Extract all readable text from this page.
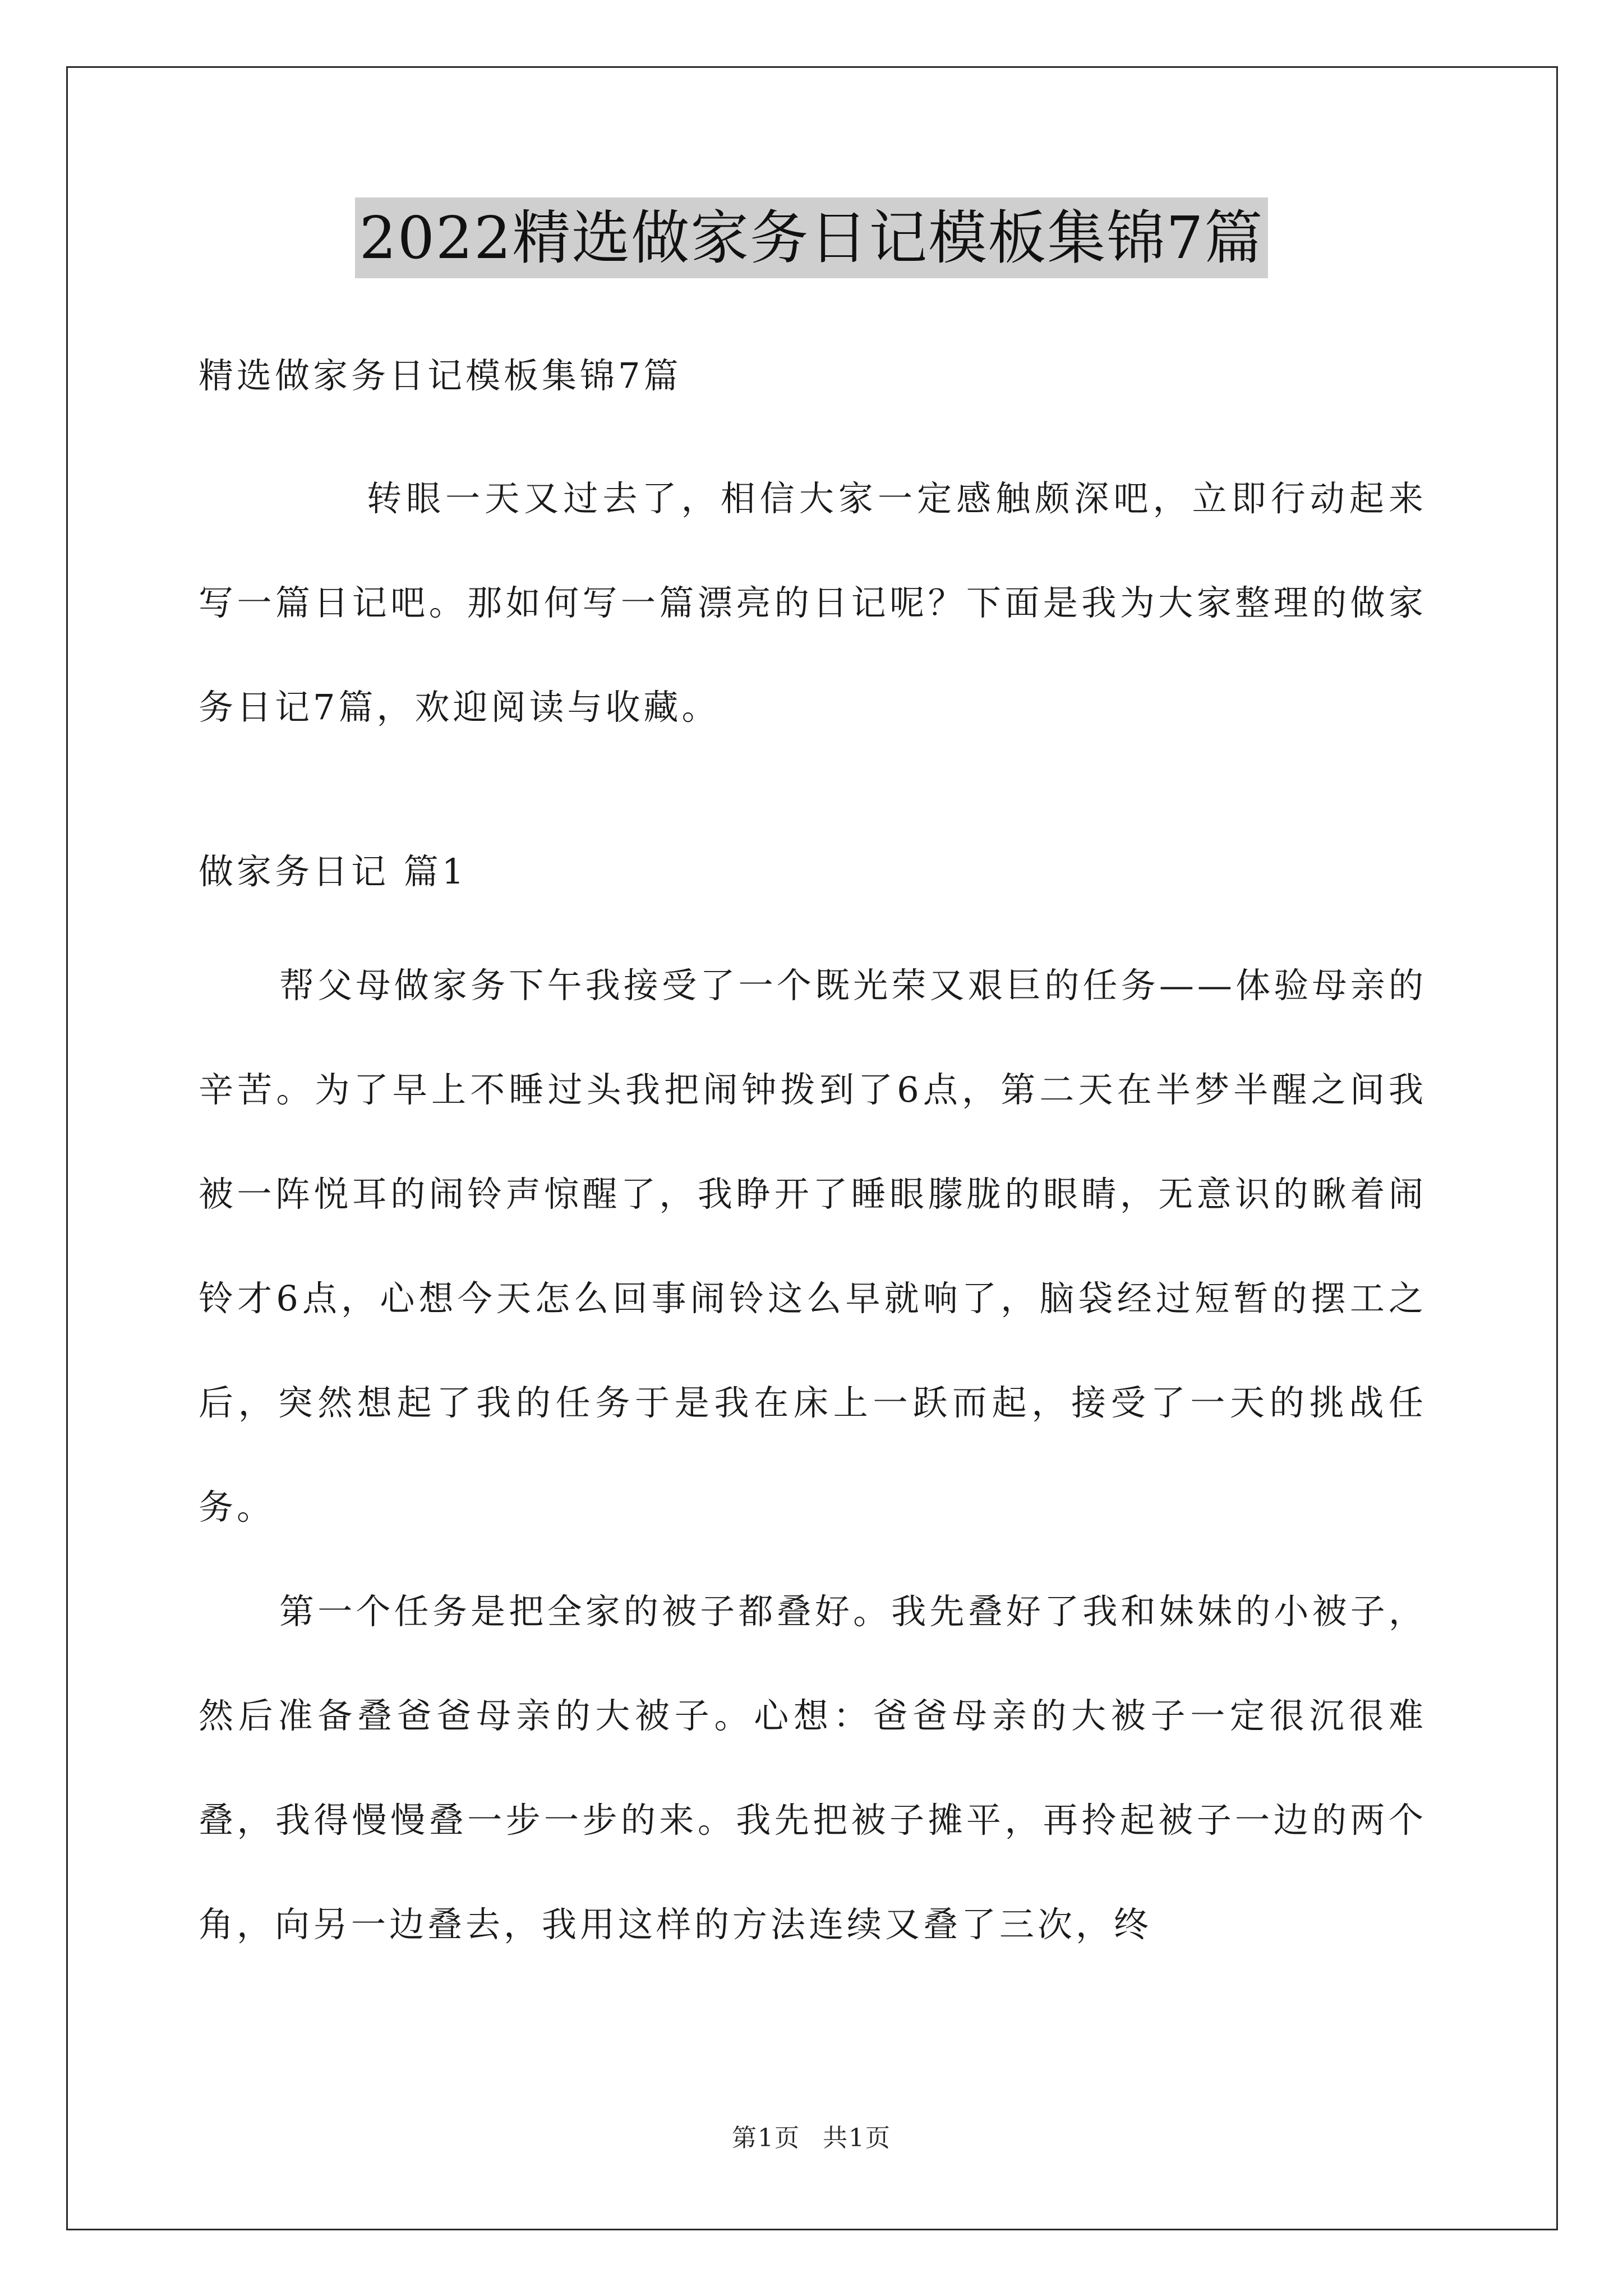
2022精选做家务日记模板集锦7篇

精选做家务日记模板集锦7篇

转眼一天又过去了，相信大家一定感触颇深吧，立即行动起来写一篇日记吧。那如何写一篇漂亮的日记呢？下面是我为大家整理的做家务日记7篇，欢迎阅读与收藏。

做家务日记 篇1

帮父母做家务下午我接受了一个既光荣又艰巨的任务——体验母亲的辛苦。为了早上不睡过头我把闹钟拨到了6点，第二天在半梦半醒之间我被一阵悦耳的闹铃声惊醒了，我睁开了睡眼朦胧的眼睛，无意识的瞅着闹铃才6点，心想今天怎么回事闹铃这么早就响了，脑袋经过短暂的摆工之后，突然想起了我的任务于是我在床上一跃而起，接受了一天的挑战任务。

第一个任务是把全家的被子都叠好。我先叠好了我和妹妹的小被子，然后准备叠爸爸母亲的大被子。心想：爸爸母亲的大被子一定很沉很难叠，我得慢慢叠一步一步的来。我先把被子摊平，再拎起被子一边的两个角，向另一边叠去，我用这样的方法连续又叠了三次，终

第1页 共1页
